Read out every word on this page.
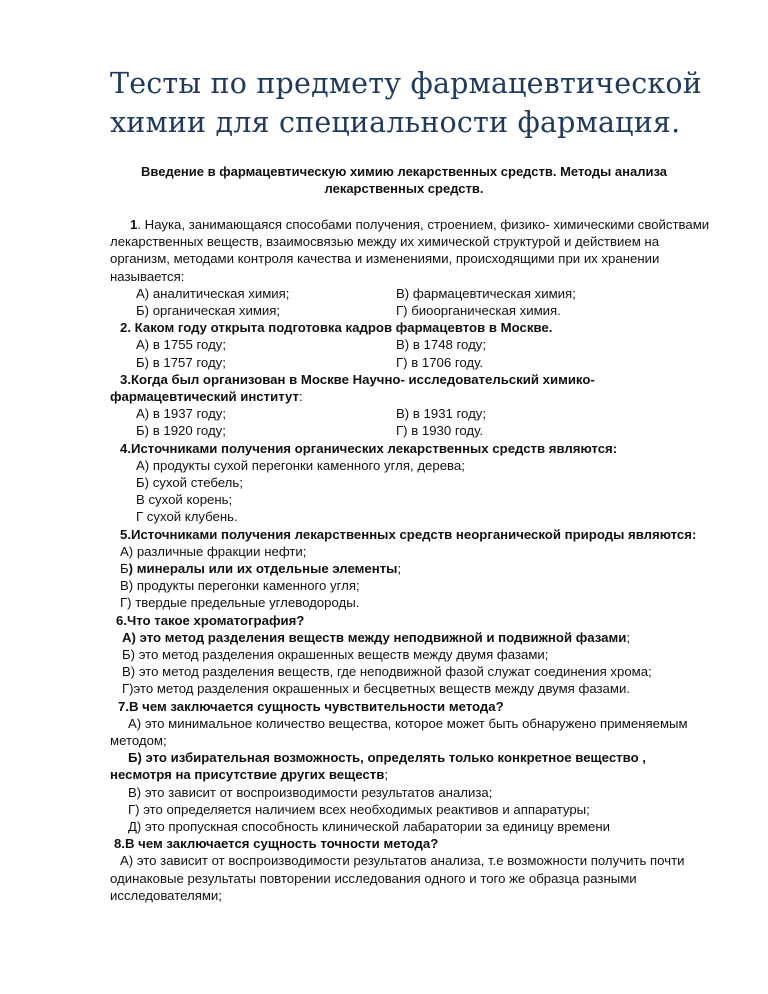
Тесты по предмету фармацевтической химии для специальности фармация.
Введение в фармацевтическую химию лекарственных средств. Методы анализа лекарственных средств.
1. Наука, занимающаяся способами получения, строением, физико- химическими свойствами лекарственных веществ, взаимосвязью между их химической структурой и действием на организм, методами контроля качества и изменениями, происходящими при их хранении называется:
А) аналитическая химия;	В) фармацевтическая химия;
Б) органическая химия;	Г) биоорганическая химия.
2. Каком году открыта подготовка кадров фармацевтов в Москве.
А) в 1755 году;	В) в 1748 году;
Б) в 1757 году;	Г) в 1706 году.
3.Когда был организован в Москве Научно- исследовательский химико-фармацевтический институт:
А) в 1937 году;	В) в 1931 году;
Б) в 1920 году;	Г) в 1930 году.
4.Источниками получения органических лекарственных средств являются:
А) продукты сухой перегонки каменного угля, дерева;
Б) сухой стебель;
В сухой корень;
Г сухой клубень.
5.Источниками получения лекарственных средств неорганической природы являются:
А) различные фракции нефти;
Б) минералы или их отдельные элементы;
В) продукты перегонки каменного угля;
Г) твердые предельные углеводороды.
6.Что такое хроматография?
А) это метод разделения веществ между неподвижной и подвижной фазами;
Б) это метод разделения окрашенных веществ между двумя фазами;
В) это метод разделения веществ, где неподвижной фазой служат соединения хрома;
Г)это метод разделения окрашенных и бесцветных веществ между двумя фазами.
7.В чем заключается сущность чувствительности метода?
А) это минимальное количество вещества, которое может быть обнаружено применяемым методом;
Б) это избирательная возможность, определять только конкретное вещество , несмотря на присутствие других веществ;
В) это зависит от воспроизводимости результатов анализа;
Г) это определяется наличием всех необходимых реактивов и аппаратуры;
Д) это пропускная способность клинической лабаратории за единицу времени
8.В чем заключается сущность точности метода?
А) это зависит от воспроизводимости результатов анализа, т.е возможности получить почти одинаковые результаты повторении исследования одного и того же образца разными исследователями;
